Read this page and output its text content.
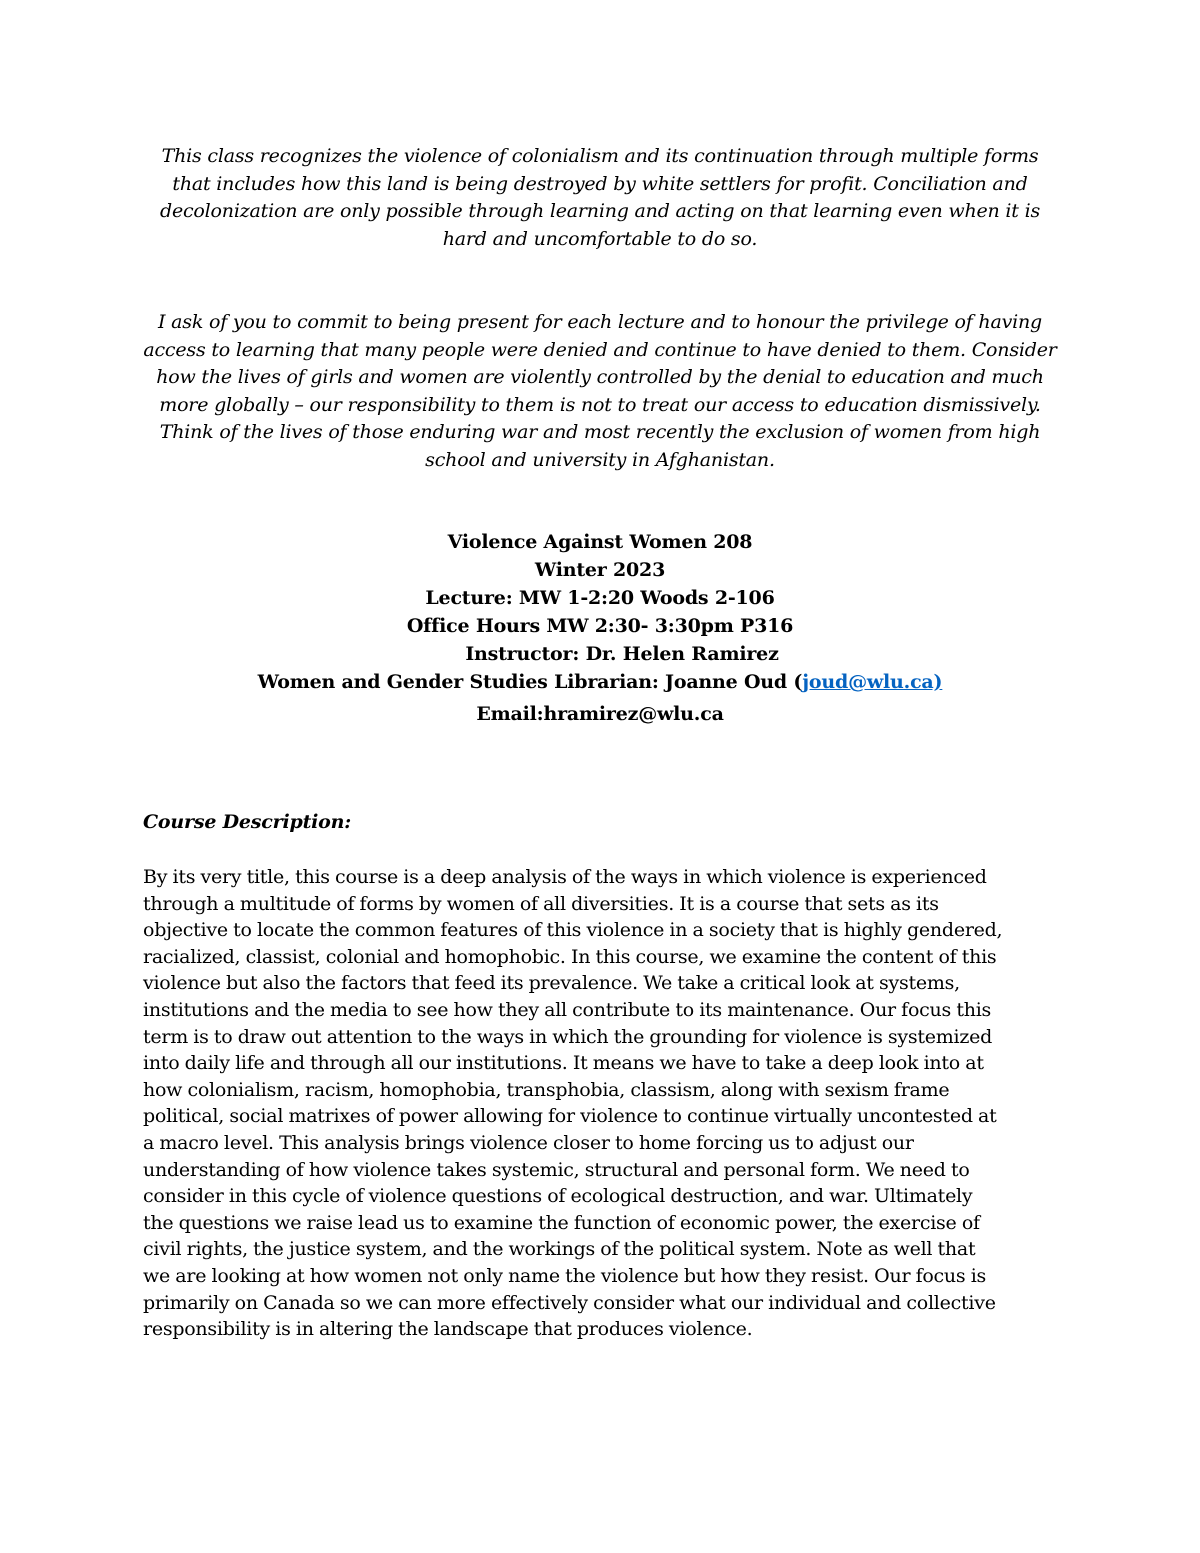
This class recognizes the violence of colonialism and its continuation through multiple forms that includes how this land is being destroyed by white settlers for profit. Conciliation and decolonization are only possible through learning and acting on that learning even when it is hard and uncomfortable to do so.

I ask of you to commit to being present for each lecture and to honour the privilege of having access to learning that many people were denied and continue to have denied to them. Consider how the lives of girls and women are violently controlled by the denial to education and much more globally – our responsibility to them is not to treat our access to education dismissively. Think of the lives of those enduring war and most recently the exclusion of women from high school and university in Afghanistan.

Violence Against Women 208
Winter 2023
Lecture: MW 1-2:20 Woods 2-106
Office Hours MW 2:30- 3:30pm P316
Instructor: Dr. Helen Ramirez
Women and Gender Studies Librarian: Joanne Oud (joud@wlu.ca)
Email:hramirez@wlu.ca
Course Description:
By its very title, this course is a deep analysis of the ways in which violence is experienced
through a multitude of forms by women of all diversities. It is a course that sets as its
objective to locate the common features of this violence in a society that is highly gendered,
racialized, classist, colonial and homophobic. In this course, we examine the content of this
violence but also the factors that feed its prevalence. We take a critical look at systems,
institutions and the media to see how they all contribute to its maintenance. Our focus this
term is to draw out attention to the ways in which the grounding for violence is systemized
into daily life and through all our institutions. It means we have to take a deep look into at
how colonialism, racism, homophobia, transphobia, classism, along with sexism frame
political, social matrixes of power allowing for violence to continue virtually uncontested at
a macro level. This analysis brings violence closer to home forcing us to adjust our
understanding of how violence takes systemic, structural and personal form. We need to
consider in this cycle of violence questions of ecological destruction, and war. Ultimately
the questions we raise lead us to examine the function of economic power, the exercise of
civil rights, the justice system, and the workings of the political system. Note as well that
we are looking at how women not only name the violence but how they resist. Our focus is
primarily on Canada so we can more effectively consider what our individual and collective
responsibility is in altering the landscape that produces violence.
